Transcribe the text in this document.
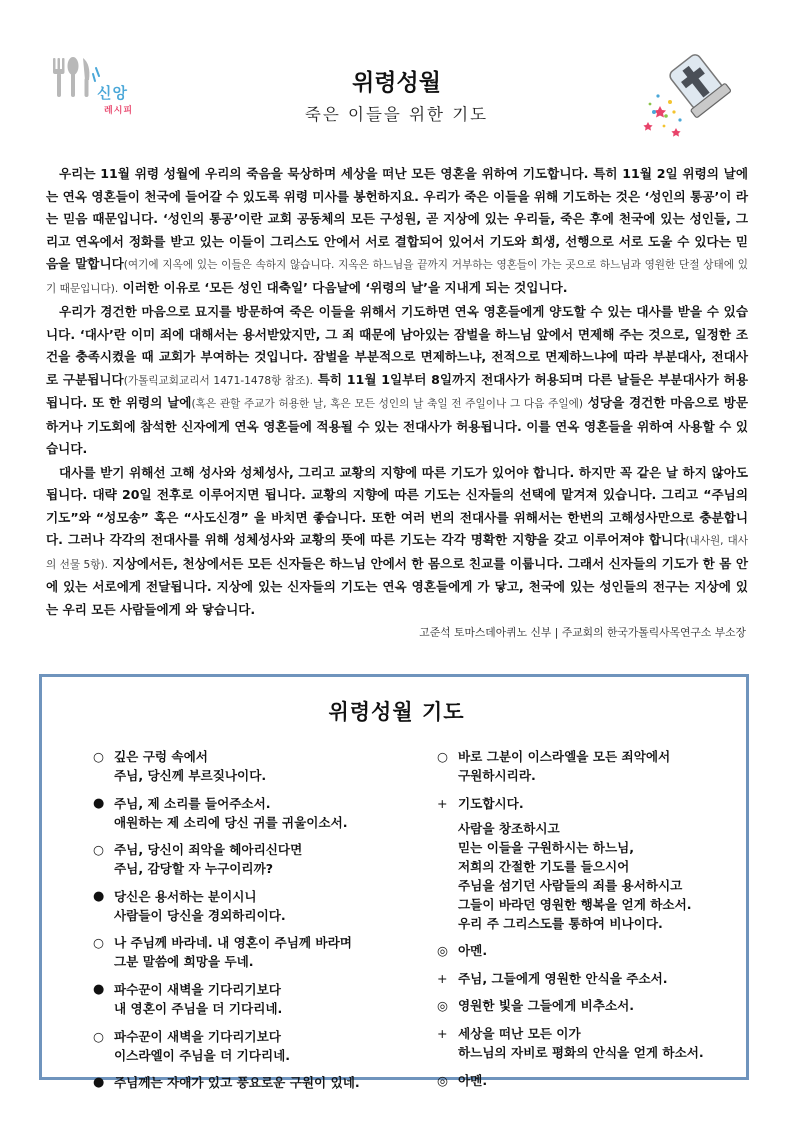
신앙
레시피
위령성월
죽은 이들을 위한 기도

우리는 11월 위령 성월에 우리의 죽음을 묵상하며 세상을 떠난 모든 영혼을 위하여 기도합니다. 특히 11월 2일 위령의 날에는 연옥 영혼들이 천국에 들어갈 수 있도록 위령 미사를 봉헌하지요. 우리가 죽은 이들을 위해 기도하는 것은 ‘성인의 통공’이 라는 믿음 때문입니다. ‘성인의 통공’이란 교회 공동체의 모든 구성원, 곧 지상에 있는 우리들, 죽은 후에 천국에 있는 성인들, 그리고 연옥에서 정화를 받고 있는 이들이 그리스도 안에서 서로 결합되어 있어서 기도와 희생, 선행으로 서로 도울 수 있다는 믿음을 말합니다(여기에 지옥에 있는 이들은 속하지 않습니다. 지옥은 하느님을 끝까지 거부하는 영혼들이 가는 곳으로 하느님과 영원한 단절 상태에 있기 때문입니다). 이러한 이유로 ‘모든 성인 대축일’ 다음날에 ‘위령의 날’을 지내게 되는 것입니다.

우리가 경건한 마음으로 묘지를 방문하여 죽은 이들을 위해서 기도하면 연옥 영혼들에게 양도할 수 있는 대사를 받을 수 있습니다. ‘대사’란 이미 죄에 대해서는 용서받았지만, 그 죄 때문에 남아있는 잠벌을 하느님 앞에서 면제해 주는 것으로, 일정한 조건을 충족시켰을 때 교회가 부여하는 것입니다. 잠벌을 부분적으로 면제하느냐, 전적으로 면제하느냐에 따라 부분대사, 전대사로 구분됩니다(가톨릭교회교리서 1471-1478항 참조). 특히 11월 1일부터 8일까지 전대사가 허용되며 다른 날들은 부분대사가 허용됩니다. 또 한 위령의 날에(혹은 관할 주교가 허용한 날, 혹은 모든 성인의 날 축일 전 주일이나 그 다음 주일에) 성당을 경건한 마음으로 방문하거나 기도회에 참석한 신자에게 연옥 영혼들에 적용될 수 있는 전대사가 허용됩니다. 이를 연옥 영혼들을 위하여 사용할 수 있습니다.

대사를 받기 위해선 고해 성사와 성체성사, 그리고 교황의 지향에 따른 기도가 있어야 합니다. 하지만 꼭 같은 날 하지 않아도 됩니다. 대략 20일 전후로 이루어지면 됩니다. 교황의 지향에 따른 기도는 신자들의 선택에 맡겨져 있습니다. 그리고 “주님의 기도”와 “성모송” 혹은 “사도신경” 을 바치면 좋습니다. 또한 여러 번의 전대사를 위해서는 한번의 고해성사만으로 충분합니다. 그러나 각각의 전대사를 위해 성체성사와 교황의 뜻에 따른 기도는 각각 명확한 지향을 갖고 이루어져야 합니다(내사원, 대사의 선물 5항). 지상에서든, 천상에서든 모든 신자들은 하느님 안에서 한 몸으로 친교를 이룹니다. 그래서 신자들의 기도가 한 몸 안에 있는 서로에게 전달됩니다. 지상에 있는 신자들의 기도는 연옥 영혼들에게 가 닿고, 천국에 있는 성인들의 전구는 지상에 있는 우리 모든 사람들에게 와 닿습니다.

고준석 토마스데아퀴노 신부 | 주교회의 한국가톨릭사목연구소 부소장
위령성월 기도
○ 깊은 구렁 속에서
주님, 당신께 부르짖나이다.
● 주님, 제 소리를 들어주소서.
애원하는 제 소리에 당신 귀를 귀울이소서.
○ 주님, 당신이 죄악을 헤아리신다면
주님, 감당할 자 누구이리까?
● 당신은 용서하는 분이시니
사람들이 당신을 경외하리이다.
○ 나 주님께 바라네. 내 영혼이 주님께 바라며
그분 말씀에 희망을 두네.
● 파수꾼이 새벽을 기다리기보다
내 영혼이 주님을 더 기다리네.
○ 파수꾼이 새벽을 기다리기보다
이스라엘이 주님을 더 기다리네.
● 주님께는 자애가 있고 풍요로운 구원이 있네.
○ 바로 그분이 이스라엘을 모든 죄악에서
구원하시리라.
+ 기도합시다.
사람을 창조하시고
믿는 이들을 구원하시는 하느님,
저희의 간절한 기도를 들으시어
주님을 섬기던 사람들의 죄를 용서하시고
그들이 바라던 영원한 행복을 얻게 하소서.
우리 주 그리스도를 통하여 비나이다.
◎ 아멘.
+ 주님, 그들에게 영원한 안식을 주소서.
◎ 영원한 빛을 그들에게 비추소서.
+ 세상을 떠난 모든 이가
하느님의 자비로 평화의 안식을 얻게 하소서.
◎ 아멘.
